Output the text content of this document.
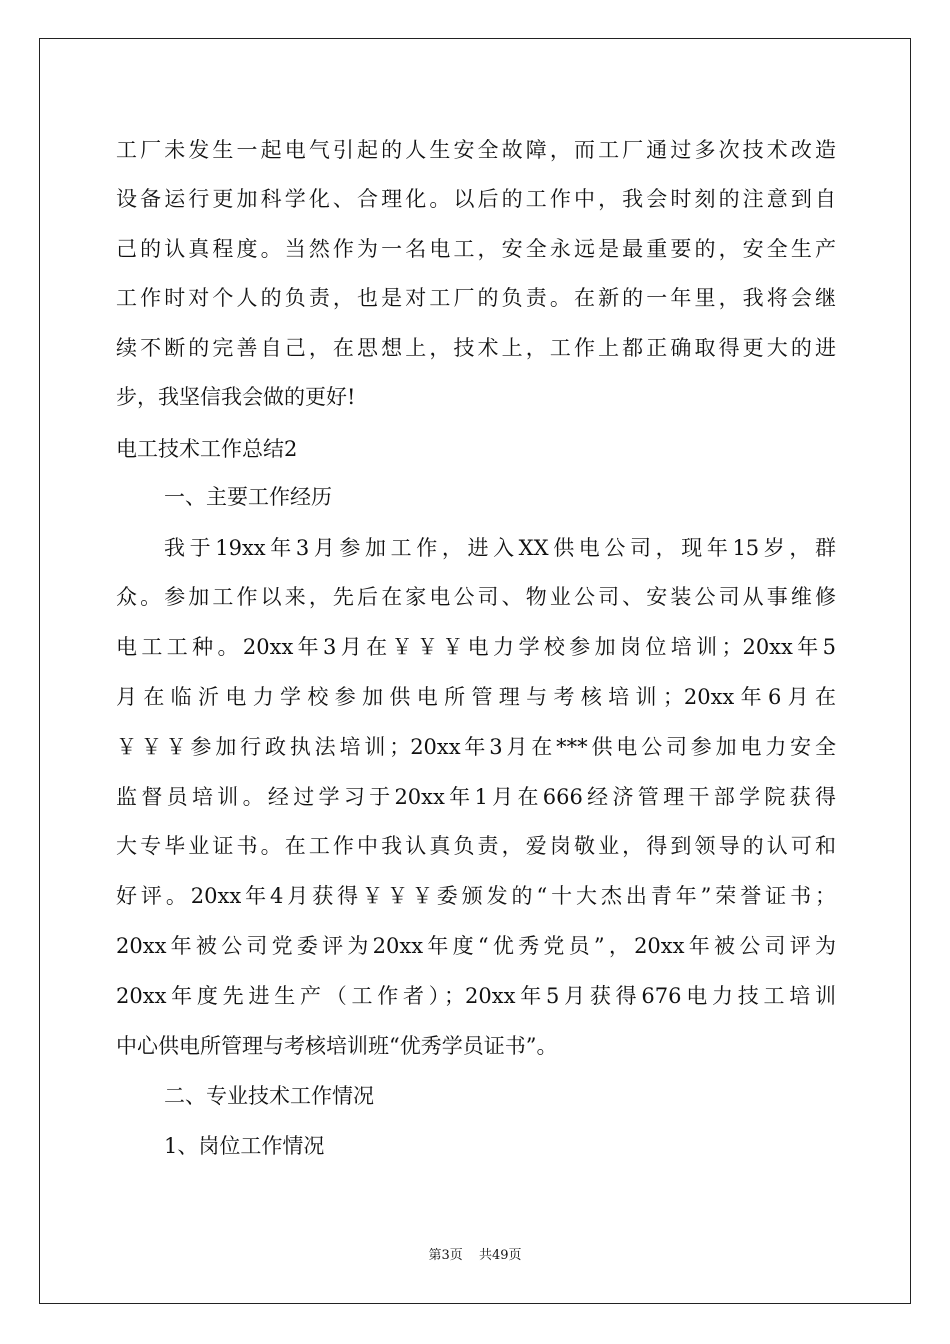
工厂未发生一起电气引起的人生安全故障，而工厂通过多次技术改造
设备运行更加科学化、合理化。以后的工作中，我会时刻的注意到自
己的认真程度。当然作为一名电工，安全永远是最重要的，安全生产
工作时对个人的负责，也是对工厂的负责。在新的一年里，我将会继
续不断的完善自己，在思想上，技术上，工作上都正确取得更大的进
步，我坚信我会做的更好!
电工技术工作总结2
一、主要工作经历
我于19xx年3月参加工作，进入XX供电公司，现年15岁，群
众。参加工作以来，先后在家电公司、物业公司、安装公司从事维修
电工工种。20xx年3月在￥￥￥电力学校参加岗位培训；20xx年5
月在临沂电力学校参加供电所管理与考核培训；20xx年6月在
￥￥￥参加行政执法培训；20xx年3月在***供电公司参加电力安全
监督员培训。经过学习于20xx年1月在666经济管理干部学院获得
大专毕业证书。在工作中我认真负责，爱岗敬业，得到领导的认可和
好评。20xx年4月获得￥￥￥委颁发的“十大杰出青年”荣誉证书；
20xx年被公司党委评为20xx年度“优秀党员”，20xx年被公司评为
20xx年度先进生产（工作者）；20xx年5月获得676电力技工培训
中心供电所管理与考核培训班“优秀学员证书”。
二、专业技术工作情况
1、岗位工作情况
第3页 共49页
